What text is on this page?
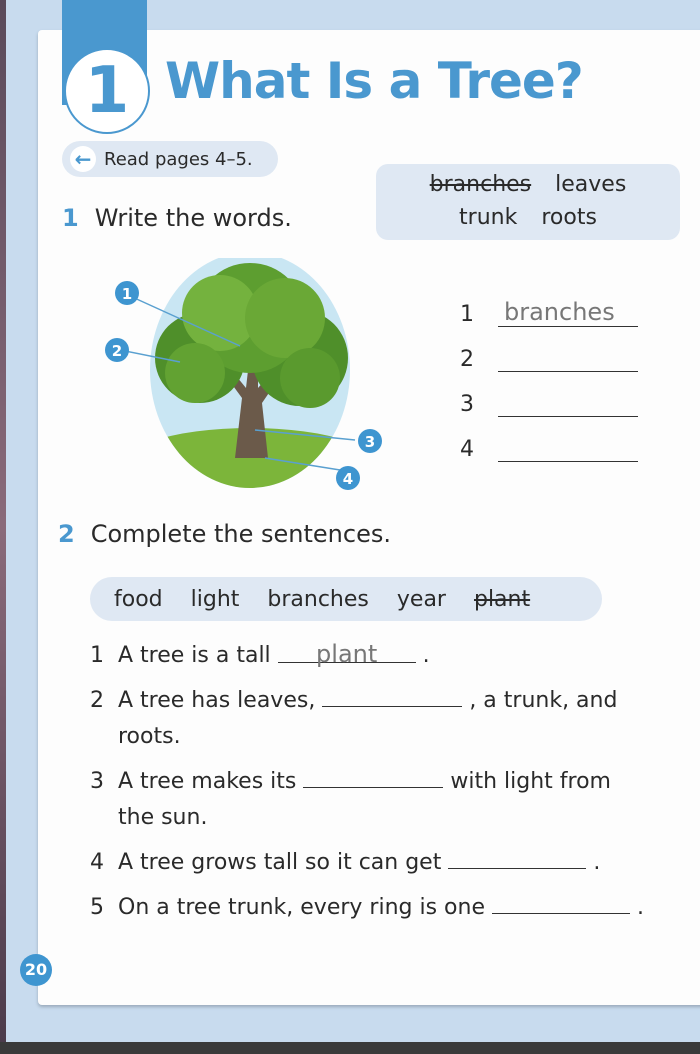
1 What Is a Tree?
← Read pages 4–5.
1 Write the words.
branches leaves
trunk roots
1
2
3
4
1	branches
2
3
4
2 Complete the sentences.
food light branches year plant
1 A tree is a tall plant .
2 A tree has leaves,	, a trunk, and
roots.
3 A tree makes its	with light from
the sun.
4 A tree grows tall so it can get	.
5 On a tree trunk, every ring is one	.
20
